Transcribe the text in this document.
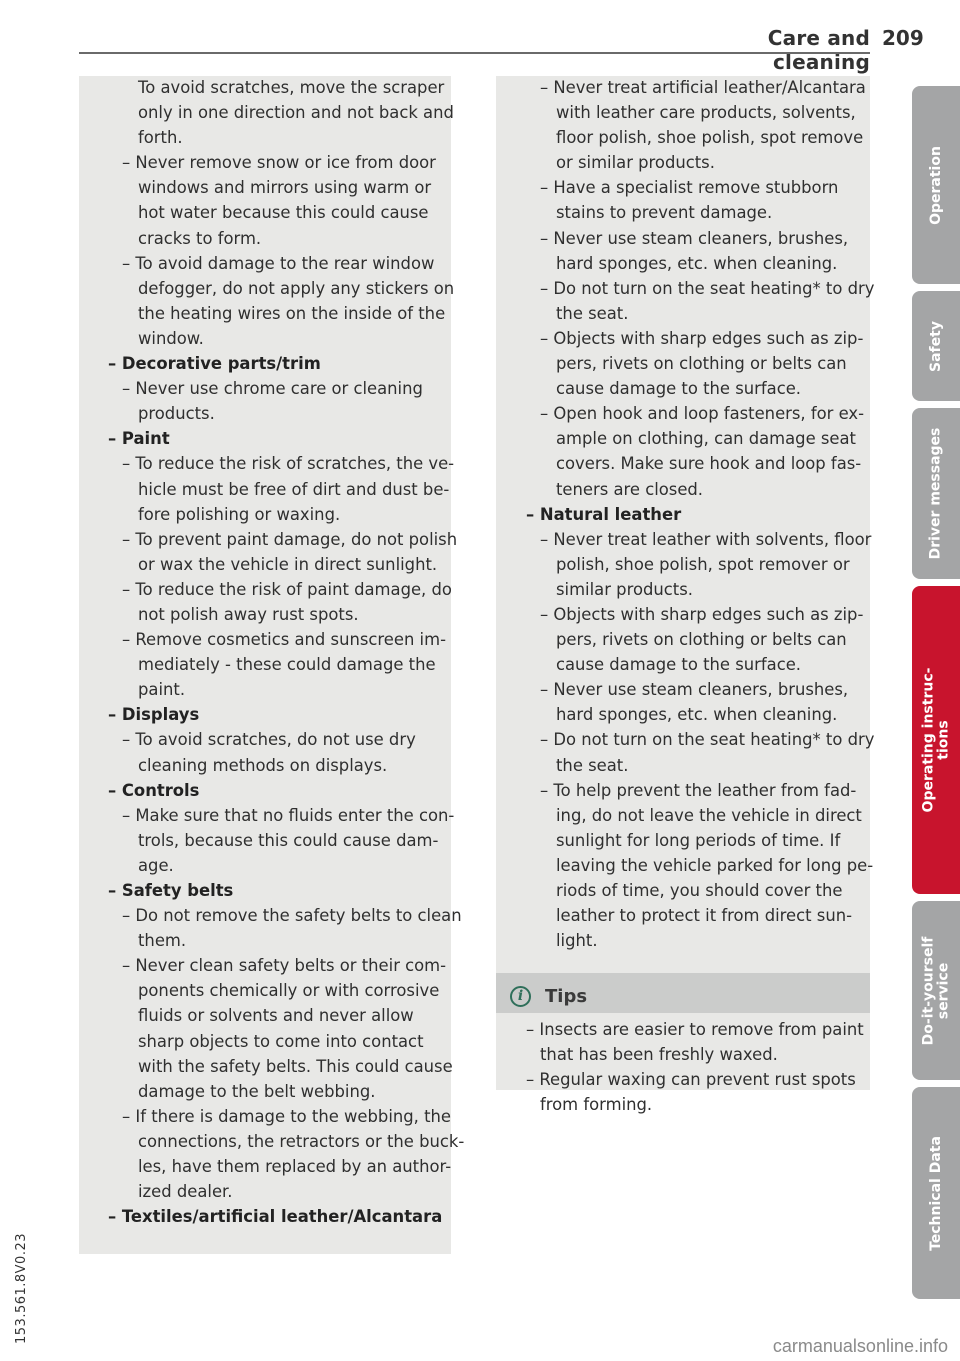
Care and cleaning
209
To avoid scratches, move the scraper
only in one direction and not back and
forth.
– Never remove snow or ice from door
windows and mirrors using warm or
hot water because this could cause
cracks to form.
– To avoid damage to the rear window
defogger, do not apply any stickers on
the heating wires on the inside of the
window.
– Decorative parts/trim
– Never use chrome care or cleaning
products.
– Paint
– To reduce the risk of scratches, the ve-
hicle must be free of dirt and dust be-
fore polishing or waxing.
– To prevent paint damage, do not polish
or wax the vehicle in direct sunlight.
– To reduce the risk of paint damage, do
not polish away rust spots.
– Remove cosmetics and sunscreen im-
mediately - these could damage the
paint.
– Displays
– To avoid scratches, do not use dry
cleaning methods on displays.
– Controls
– Make sure that no fluids enter the con-
trols, because this could cause dam-
age.
– Safety belts
– Do not remove the safety belts to clean
them.
– Never clean safety belts or their com-
ponents chemically or with corrosive
fluids or solvents and never allow
sharp objects to come into contact
with the safety belts. This could cause
damage to the belt webbing.
– If there is damage to the webbing, the
connections, the retractors or the buck-
les, have them replaced by an author-
ized dealer.
– Textiles/artificial leather/Alcantara
– Never treat artificial leather/Alcantara
with leather care products, solvents,
floor polish, shoe polish, spot remove
or similar products.
– Have a specialist remove stubborn
stains to prevent damage.
– Never use steam cleaners, brushes,
hard sponges, etc. when cleaning.
– Do not turn on the seat heating* to dry
the seat.
– Objects with sharp edges such as zip-
pers, rivets on clothing or belts can
cause damage to the surface.
– Open hook and loop fasteners, for ex-
ample on clothing, can damage seat
covers. Make sure hook and loop fas-
teners are closed.
– Natural leather
– Never treat leather with solvents, floor
polish, shoe polish, spot remover or
similar products.
– Objects with sharp edges such as zip-
pers, rivets on clothing or belts can
cause damage to the surface.
– Never use steam cleaners, brushes,
hard sponges, etc. when cleaning.
– Do not turn on the seat heating* to dry
the seat.
– To help prevent the leather from fad-
ing, do not leave the vehicle in direct
sunlight for long periods of time. If
leaving the vehicle parked for long pe-
riods of time, you should cover the
leather to protect it from direct sun-
light.
i	Tips
– Insects are easier to remove from paint
that has been freshly waxed.
– Regular waxing can prevent rust spots
from forming.
Operation
Safety
Driver messages
Operating instruc-
tions
Do-it-yourself
service
Technical Data
153.561.8V0.23
carmanualsonline.info
